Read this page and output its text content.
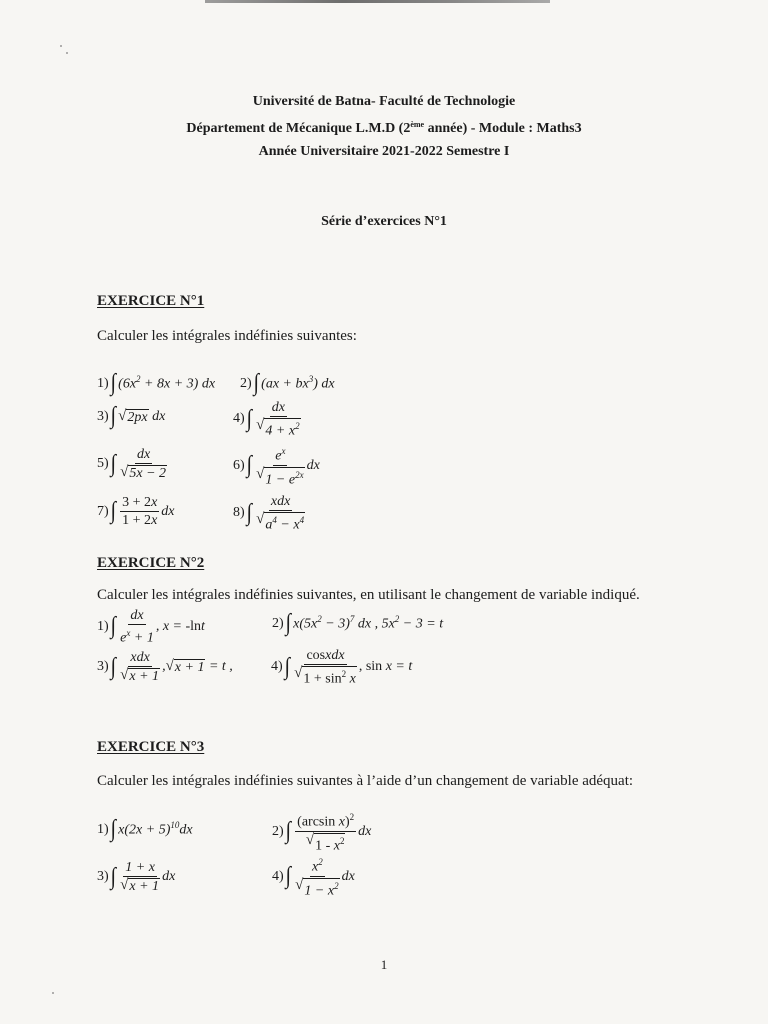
Université de Batna- Faculté de Technologie
Département de Mécanique L.M.D (2ème année) - Module : Maths3
Année Universitaire 2021-2022 Semestre I
Série d’exercices N°1
EXERCICE N°1
Calculer les intégrales indéfinies suivantes:
1) ∫ $(6x^2 + 8x + 3)$ dx 2) ∫ $(ax + bx^3)$ dx
3) ∫ √ 2px dx	4) ∫ $\frac{dx}{√ 4 + x^2}$
5) ∫ $\frac{dx}{√ 5x - 2}$	6) ∫ $\frac{e^x}{√ 1 - e^{2x}}$ dx
7) ∫ $\frac{3 + 2x}{1 + 2x}$ dx	8) ∫ $\frac{\text{xdx}}{√ a^4 - x^4}$
EXERCICE N°2
Calculer les intégrales indéfinies suivantes, en utilisant le changement de variable indiqué.
1) ∫ $\frac{dx}{e^x + 1}$ , x = - ln t	2) ∫ $x(5x^2 - 3)^7$ dx , $5x^2 - 3 = t$
3) ∫ $\frac{\text{xdx}}{√ x + 1}$ , √ x + 1 = t ,	4) ∫ $\frac{\text{cosxdx}}{√ 1 + \sin^2 x}$ , sin x = t
EXERCICE N°3
Calculer les intégrales indéfinies suivantes à l’aide d’un changement de variable adéquat:
1) ∫ $x(2x + 5)^{10}dx$	2) ∫ $\frac{(\arcsin x)^2}{√ 1 - x^2}$ dx
3) ∫ $\frac{1 + x}{√ x + 1}$ dx	4) ∫ $\frac{x^2}{√ 1 - x^2}$ dx
1
